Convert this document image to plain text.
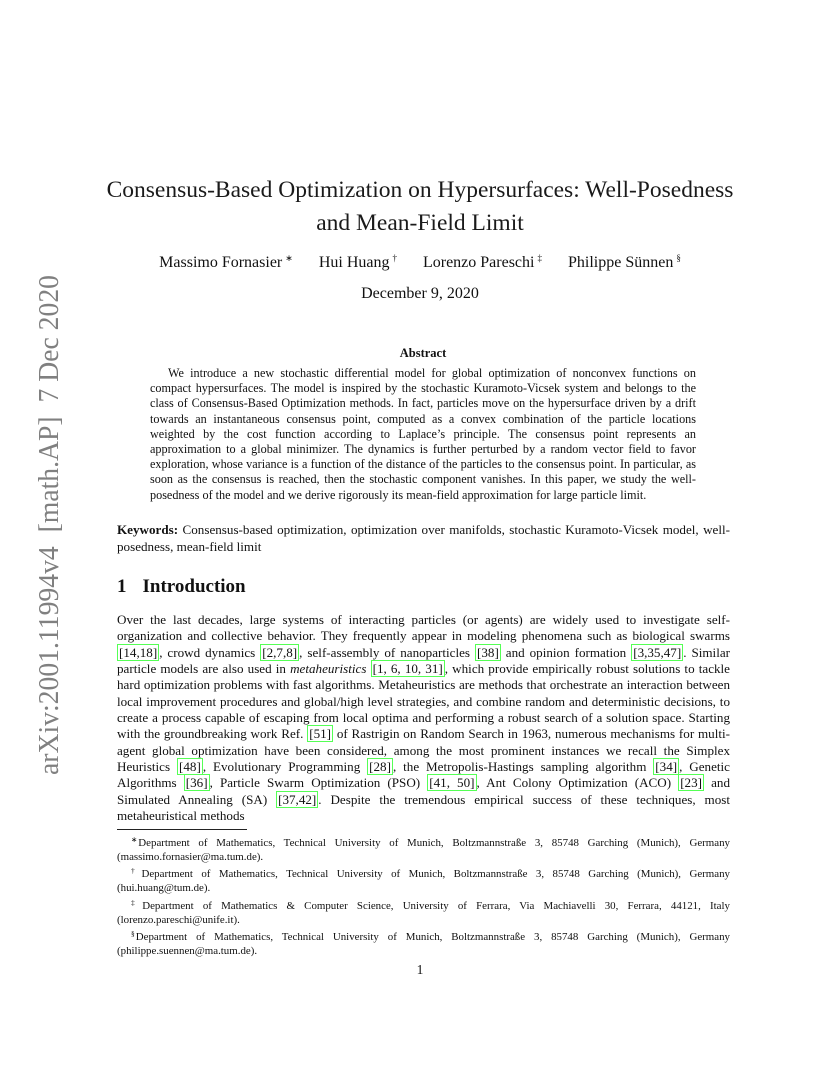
arXiv:2001.11994v4  [math.AP]  7 Dec 2020
Consensus-Based Optimization on Hypersurfaces: Well-Posedness
and Mean-Field Limit
Massimo Fornasier ∗ Hui Huang † Lorenzo Pareschi ‡ Philippe Sünnen §
December 9, 2020
Abstract

We introduce a new stochastic differential model for global optimization of nonconvex functions on compact hypersurfaces. The model is inspired by the stochastic Kuramoto-Vicsek system and belongs to the class of Consensus-Based Optimization methods. In fact, particles move on the hypersurface driven by a drift towards an instantaneous consensus point, computed as a convex combination of the particle locations weighted by the cost function according to Laplace’s principle. The consensus point represents an approximation to a global minimizer. The dynamics is further perturbed by a random vector field to favor exploration, whose variance is a function of the distance of the particles to the consensus point. In particular, as soon as the consensus is reached, then the stochastic component vanishes. In this paper, we study the well-posedness of the model and we derive rigorously its mean-field approximation for large particle limit.

Keywords: Consensus-based optimization, optimization over manifolds, stochastic Kuramoto-Vicsek model, well-posedness, mean-field limit

1 Introduction

Over the last decades, large systems of interacting particles (or agents) are widely used to investigate self-organization and collective behavior. They frequently appear in modeling phenomena such as biological swarms [14,18] , crowd dynamics [2,7,8] , self-assembly of nanoparticles [38] and opinion formation [3,35,47] . Similar particle models are also used in metaheuristics [1, 6, 10, 31] , which provide empirically robust solutions to tackle hard optimization problems with fast algorithms. Metaheuristics are methods that orchestrate an interaction between local improvement procedures and global/high level strategies, and combine random and deterministic decisions, to create a process capable of escaping from local optima and performing a robust search of a solution space. Starting with the groundbreaking work Ref. [51] of Rastrigin on Random Search in 1963, numerous mechanisms for multi-agent global optimization have been considered, among the most prominent instances we recall the Simplex Heuristics [48] , Evolutionary Programming [28] , the Metropolis-Hastings sampling algorithm [34] , Genetic Algorithms [36] , Particle Swarm Optimization (PSO) [41, 50] , Ant Colony Optimization (ACO) [23] and Simulated Annealing (SA) [37,42] . Despite the tremendous empirical success of these techniques, most metaheuristical methods

∗Department of Mathematics, Technical University of Munich, Boltzmannstraße 3, 85748 Garching (Munich), Germany (massimo.fornasier@ma.tum.de).

†Department of Mathematics, Technical University of Munich, Boltzmannstraße 3, 85748 Garching (Munich), Germany (hui.huang@tum.de).

‡Department of Mathematics & Computer Science, University of Ferrara, Via Machiavelli 30, Ferrara, 44121, Italy (lorenzo.pareschi@unife.it).

§Department of Mathematics, Technical University of Munich, Boltzmannstraße 3, 85748 Garching (Munich), Germany (philippe.suennen@ma.tum.de).

1
